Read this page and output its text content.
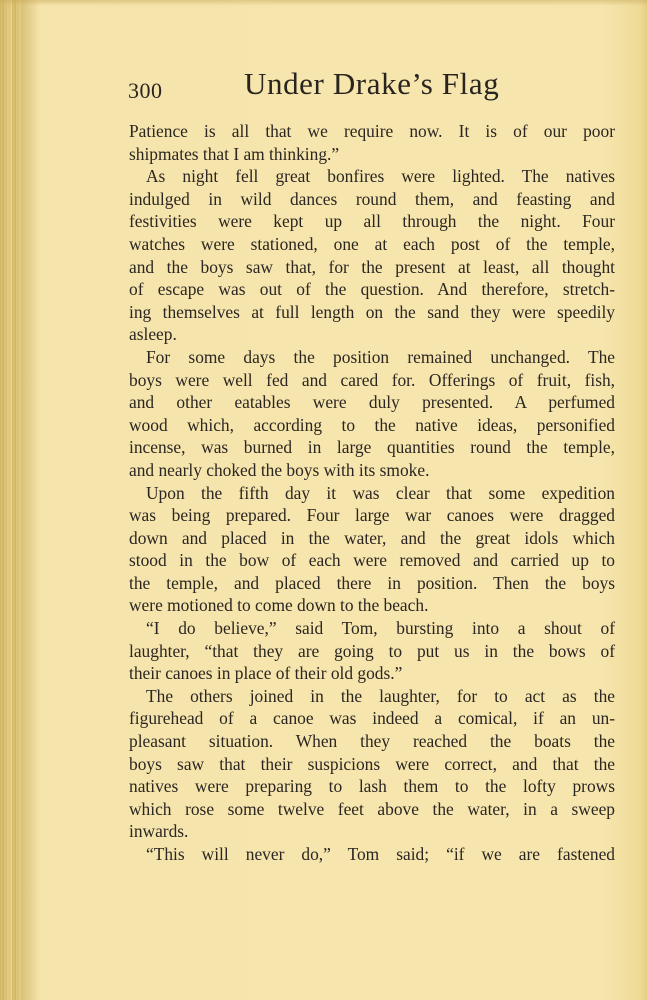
300	Under Drake’s Flag
Patience is all that we require now. It is of our poor
shipmates that I am thinking.”
As night fell great bonfires were lighted. The natives
indulged in wild dances round them, and feasting and
festivities were kept up all through the night. Four
watches were stationed, one at each post of the temple,
and the boys saw that, for the present at least, all thought
of escape was out of the question. And therefore, stretch-
ing themselves at full length on the sand they were speedily
asleep.
For some days the position remained unchanged. The
boys were well fed and cared for. Offerings of fruit, fish,
and other eatables were duly presented. A perfumed
wood which, according to the native ideas, personified
incense, was burned in large quantities round the temple,
and nearly choked the boys with its smoke.
Upon the fifth day it was clear that some expedition
was being prepared. Four large war canoes were dragged
down and placed in the water, and the great idols which
stood in the bow of each were removed and carried up to
the temple, and placed there in position. Then the boys
were motioned to come down to the beach.
“I do believe,” said Tom, bursting into a shout of
laughter, “that they are going to put us in the bows of
their canoes in place of their old gods.”
The others joined in the laughter, for to act as the
figurehead of a canoe was indeed a comical, if an un-
pleasant situation. When they reached the boats the
boys saw that their suspicions were correct, and that the
natives were preparing to lash them to the lofty prows
which rose some twelve feet above the water, in a sweep
inwards.
“This will never do,” Tom said; “if we are fastened
